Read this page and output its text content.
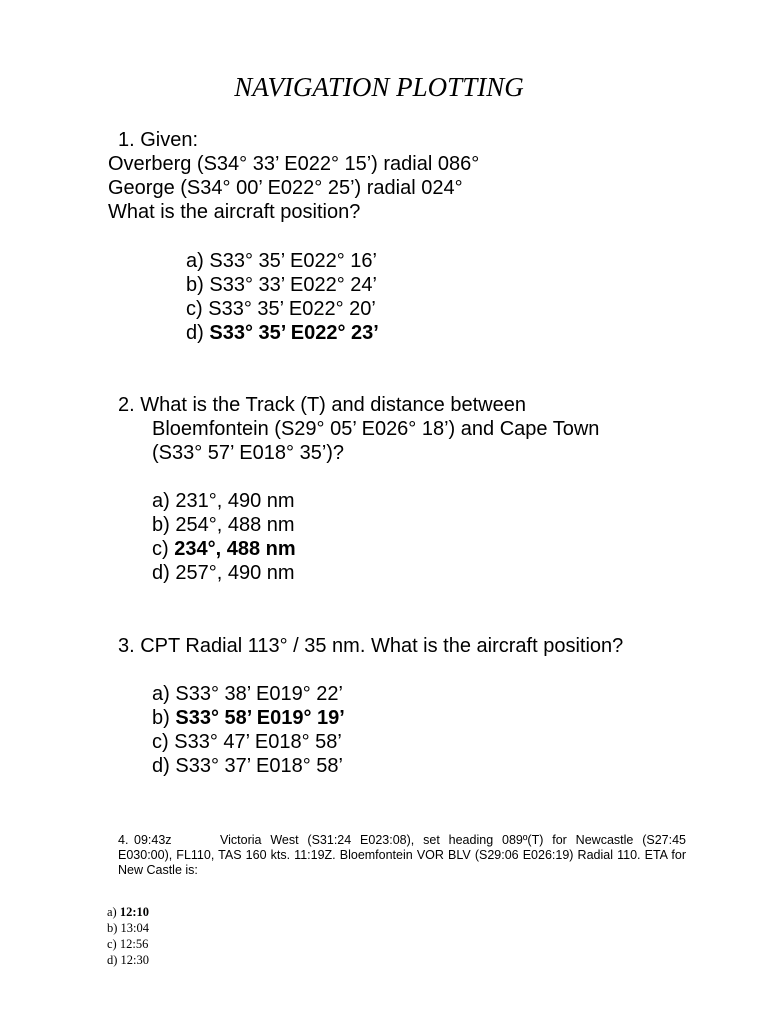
NAVIGATION PLOTTING
1. Given:
Overberg (S34° 33’ E022° 15’) radial 086°
George (S34° 00’ E022° 25’) radial 024°
What is the aircraft position?
a) S33° 35’ E022° 16’
b) S33° 33’ E022° 24’
c) S33° 35’ E022° 20’
d) S33° 35’ E022° 23’
2. What is the Track (T) and distance between
Bloemfontein (S29° 05’ E026° 18’) and Cape Town
(S33° 57’ E018° 35’)?
a) 231°, 490 nm
b) 254°, 488 nm
c) 234°, 488 nm
d) 257°, 490 nm
3. CPT Radial 113° / 35 nm. What is the aircraft position?
a) S33° 38’ E019° 22’
b) S33° 58’ E019° 19’
c) S33° 47’ E018° 58’
d) S33° 37’ E018° 58’
4. 09:43z	Victoria West (S31:24 E023:08), set heading 089º(T) for Newcastle (S27:45 E030:00), FL110, TAS 160 kts. 11:19Z. Bloemfontein VOR BLV (S29:06 E026:19) Radial 110. ETA for New Castle is:
a) 12:10
b) 13:04
c) 12:56
d) 12:30
